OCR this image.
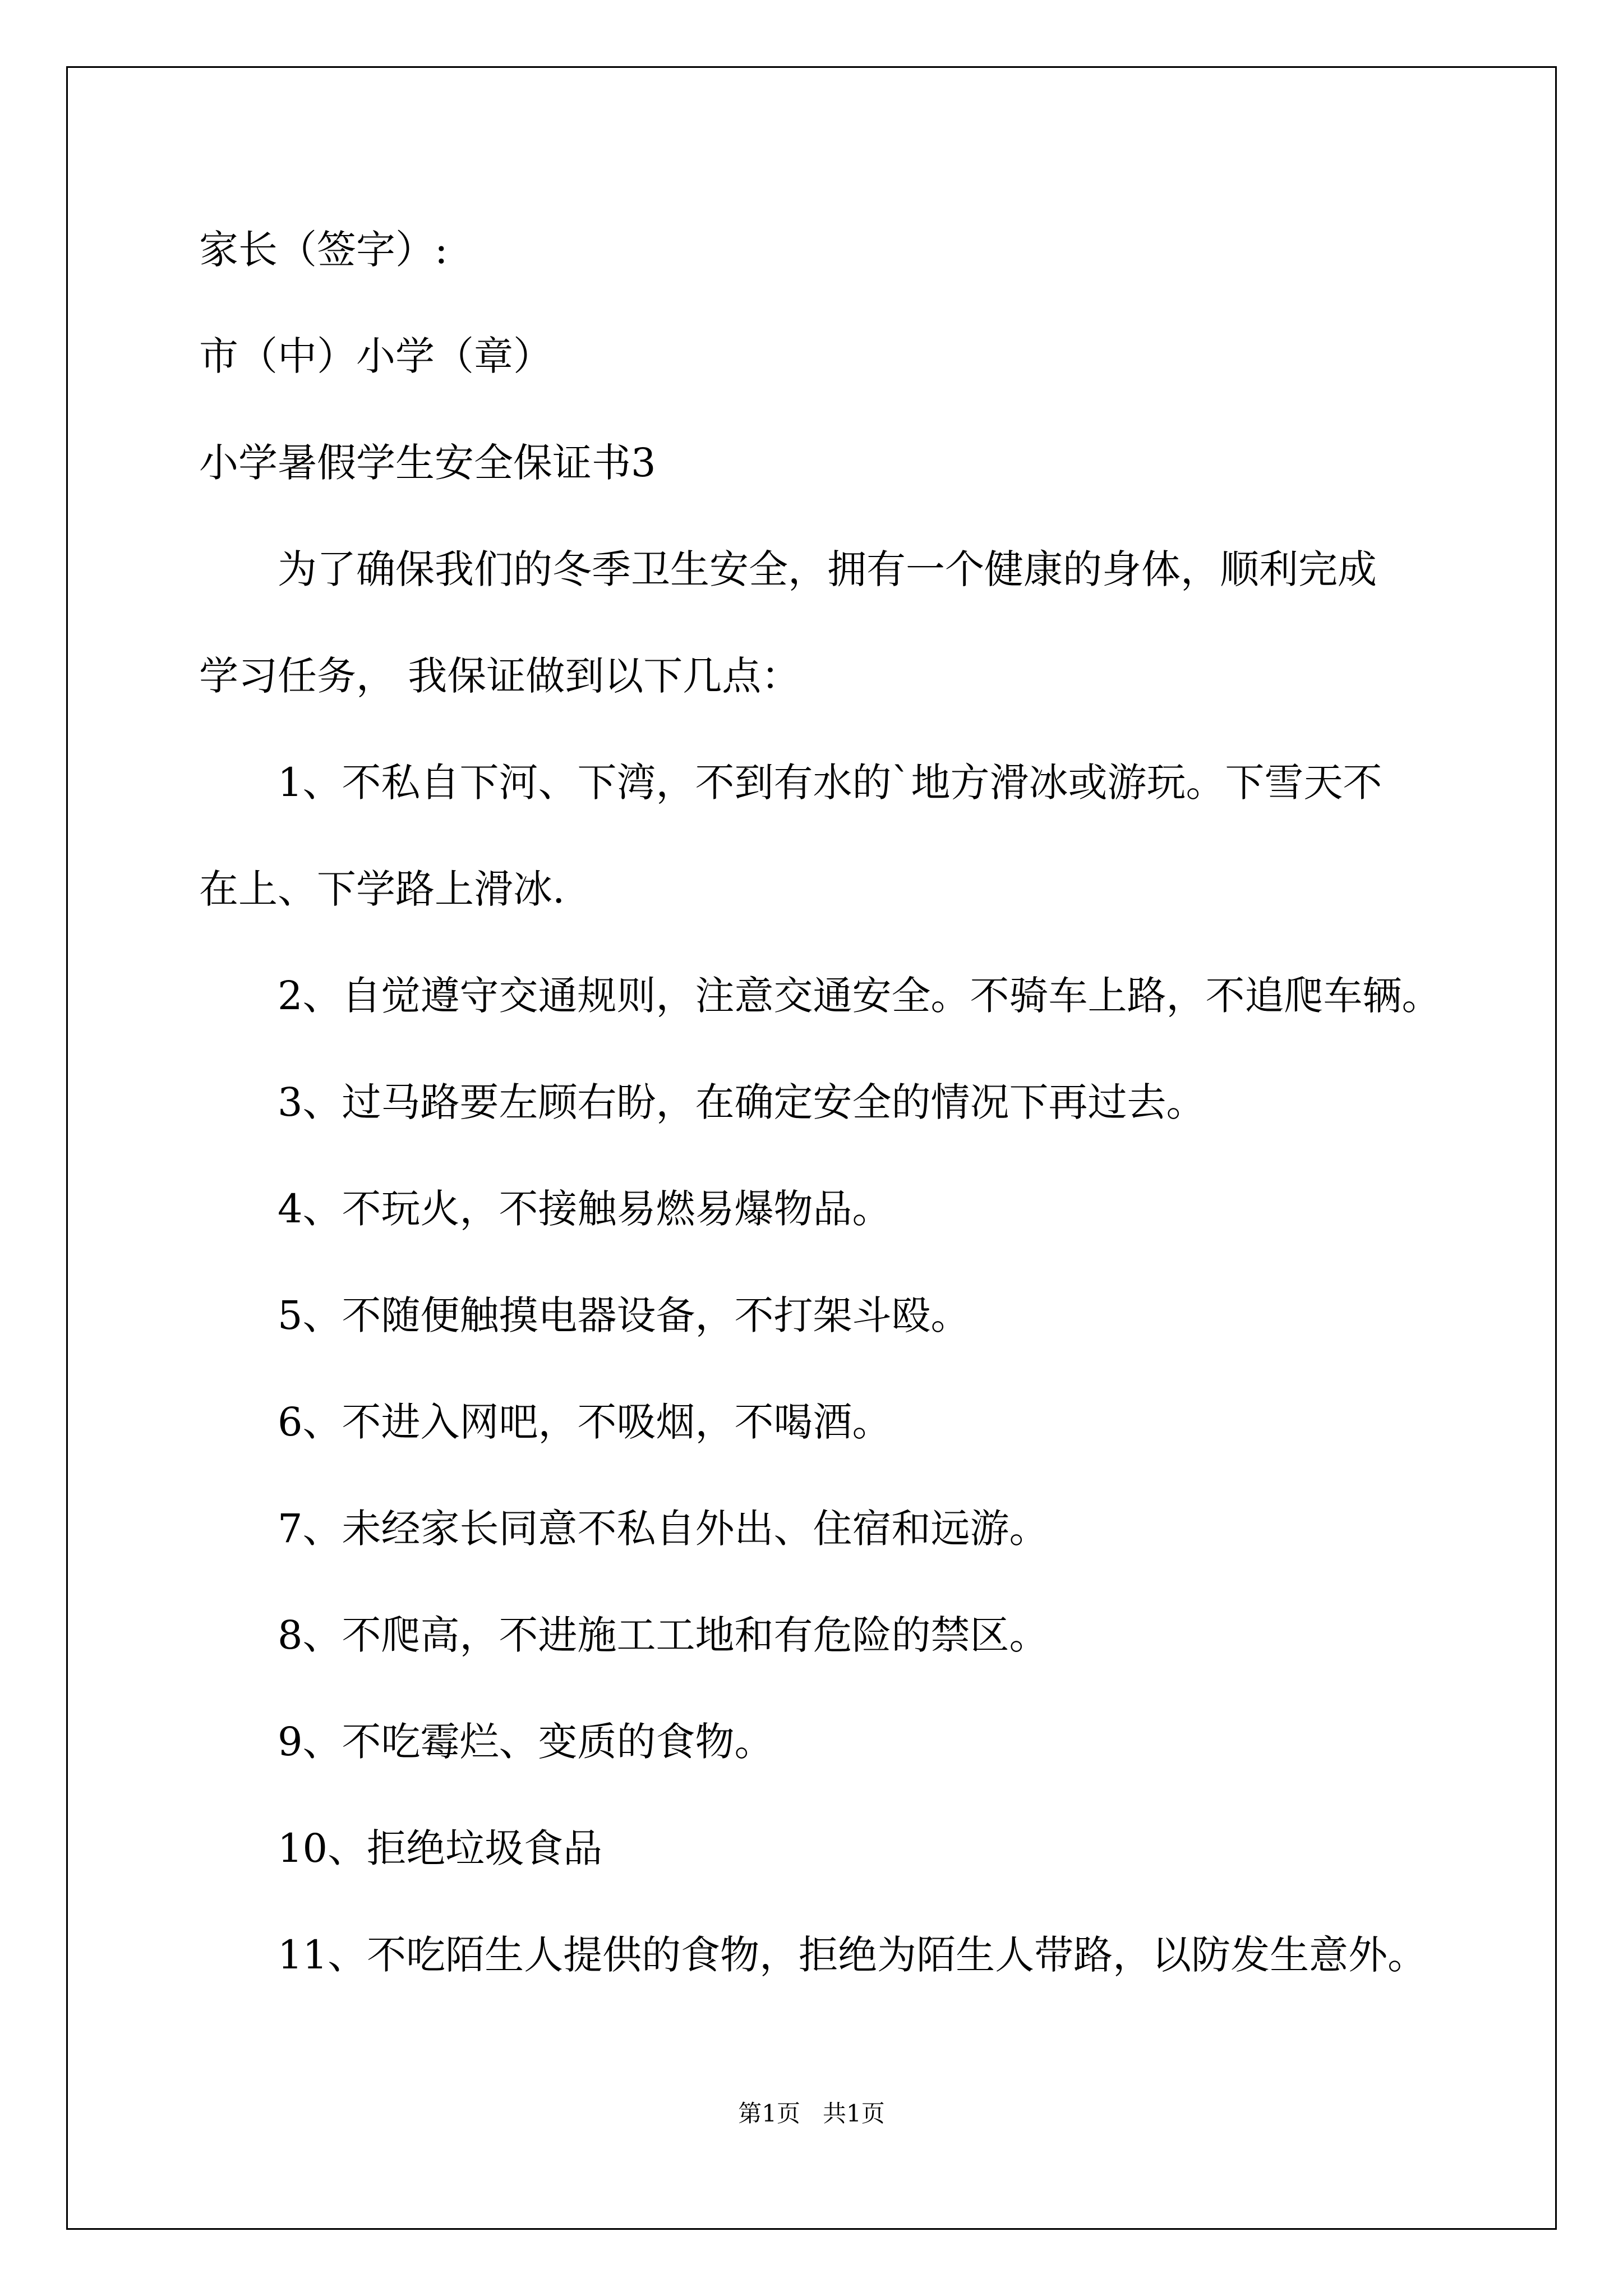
家长（签字）:
市（中）小学（章）
小学暑假学生安全保证书3
为了确保我们的冬季卫生安全，拥有一个健康的身体，顺利完成
学习任务， 我保证做到以下几点：
1、不私自下河、下湾，不到有水的`地方滑冰或游玩。下雪天不
在上、下学路上滑冰.
2、自觉遵守交通规则，注意交通安全。不骑车上路，不追爬车辆。
3、过马路要左顾右盼，在确定安全的情况下再过去。
4、不玩火，不接触易燃易爆物品。
5、不随便触摸电器设备，不打架斗殴。
6、不进入网吧，不吸烟，不喝酒。
7、未经家长同意不私自外出、住宿和远游。
8、不爬高，不进施工工地和有危险的禁区。
9、不吃霉烂、变质的食物。
10、拒绝垃圾食品
11、不吃陌生人提供的食物，拒绝为陌生人带路，以防发生意外。
第1页   共1页
